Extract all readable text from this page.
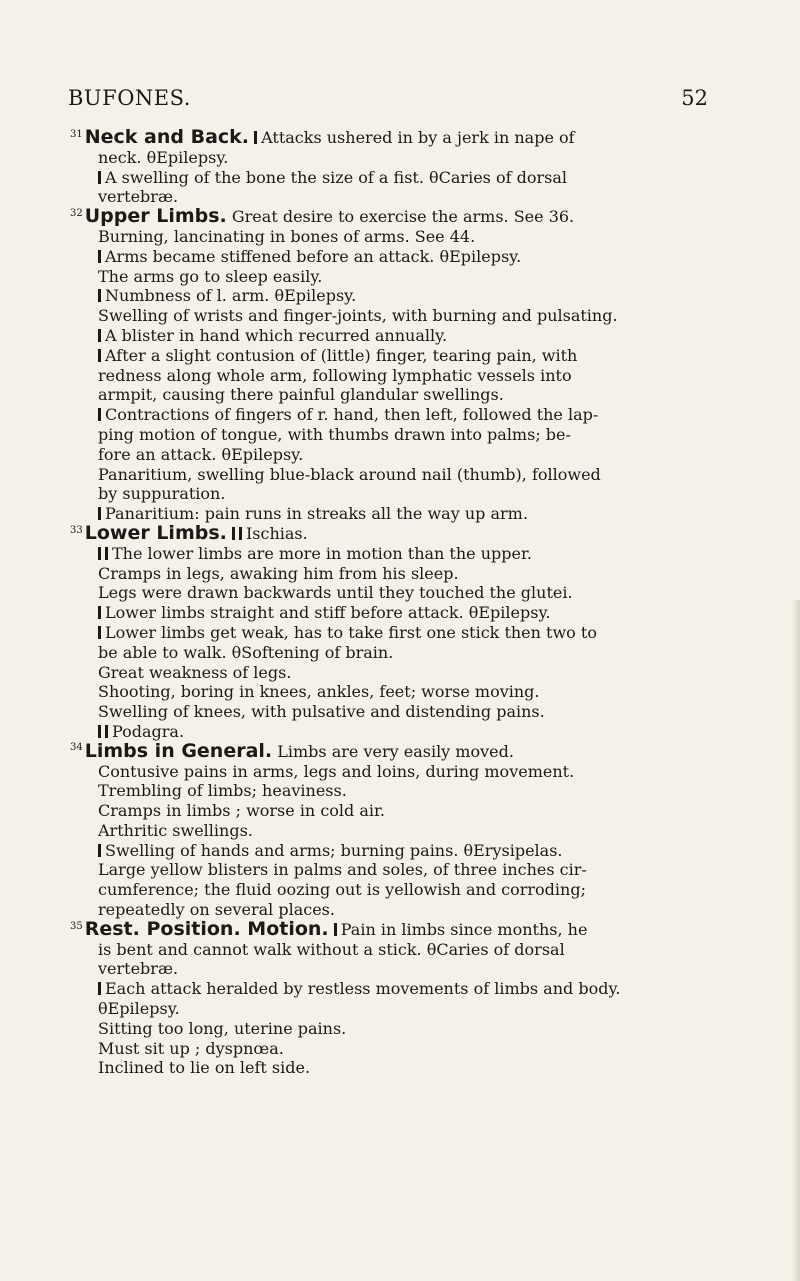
BUFONES.	52
$^{31}$ Neck and Back. Attacks ushered in by a jerk in nape of
neck. θEpilepsy.
A swelling of the bone the size of a fist. θCaries of dorsal
vertebræ.
$^{32}$ Upper Limbs. Great desire to exercise the arms. See 36.
Burning, lancinating in bones of arms. See 44.
Arms became stiffened before an attack. θEpilepsy.
The arms go to sleep easily.
Numbness of l. arm. θEpilepsy.
Swelling of wrists and finger-joints, with burning and pulsating.
A blister in hand which recurred annually.
After a slight contusion of (little) finger, tearing pain, with
redness along whole arm, following lymphatic vessels into
armpit, causing there painful glandular swellings.
Contractions of fingers of r. hand, then left, followed the lap-
ping motion of tongue, with thumbs drawn into palms; be-
fore an attack. θEpilepsy.
Panaritium, swelling blue-black around nail (thumb), followed
by suppuration.
Panaritium: pain runs in streaks all the way up arm.
$^{33}$ Lower Limbs. Ischias.
The lower limbs are more in motion than the upper.
Cramps in legs, awaking him from his sleep.
Legs were drawn backwards until they touched the glutei.
Lower limbs straight and stiff before attack. θEpilepsy.
Lower limbs get weak, has to take first one stick then two to
be able to walk. θSoftening of brain.
Great weakness of legs.
Shooting, boring in knees, ankles, feet; worse moving.
Swelling of knees, with pulsative and distending pains.
Podagra.
$^{34}$ Limbs in General. Limbs are very easily moved.
Contusive pains in arms, legs and loins, during movement.
Trembling of limbs; heaviness.
Cramps in limbs ; worse in cold air.
Arthritic swellings.
Swelling of hands and arms; burning pains. θErysipelas.
Large yellow blisters in palms and soles, of three inches cir-
cumference; the fluid oozing out is yellowish and corroding;
repeatedly on several places.
$^{35}$ Rest. Position. Motion. Pain in limbs since months, he
is bent and cannot walk without a stick. θCaries of dorsal
vertebræ.
Each attack heralded by restless movements of limbs and body.
θEpilepsy.
Sitting too long, uterine pains.
Must sit up ; dyspnœa.
Inclined to lie on left side.
